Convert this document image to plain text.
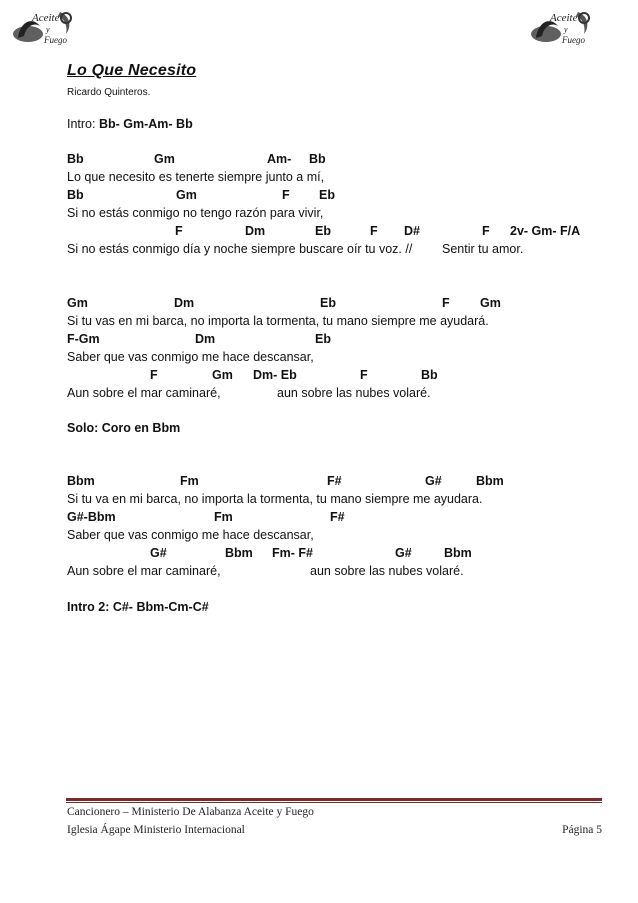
Aceite
y
Fuego
Aceite
y
Fuego
Lo Que Necesito
Ricardo Quinteros.
Intro: Bb- Gm-Am- Bb
Bb	Gm	Am- Bb
Lo que necesito es tenerte siempre junto a mí,
Bb	Gm	F Eb
Si no estás conmigo no tengo razón para vivir,
F	Dm	Eb	F D#	F 2v- Gm- F/A
Si no estás conmigo día y noche siempre buscare oír tu voz. // Sentir tu amor.
Gm	Dm	Eb	F Gm
Si tu vas en mi barca, no importa la tormenta, tu mano siempre me ayudará.
F-Gm	Dm	Eb
Saber que vas conmigo me hace descansar,
F	Gm Dm- Eb	F	Bb
Aun sobre el mar caminaré,	aun sobre las nubes volaré.
Solo: Coro en Bbm
Bbm	Fm	F#	G#	Bbm
Si tu va en mi barca, no importa la tormenta, tu mano siempre me ayudara.
G#-Bbm	Fm	F#
Saber que vas conmigo me hace descansar,
G#	Bbm Fm- F#	G#	Bbm
Aun sobre el mar caminaré,	aun sobre las nubes volaré.
Intro 2: C#- Bbm-Cm-C#
Cancionero – Ministerio De Alabanza Aceite y Fuego
Iglesia Ágape Ministerio Internacional	Página 5
